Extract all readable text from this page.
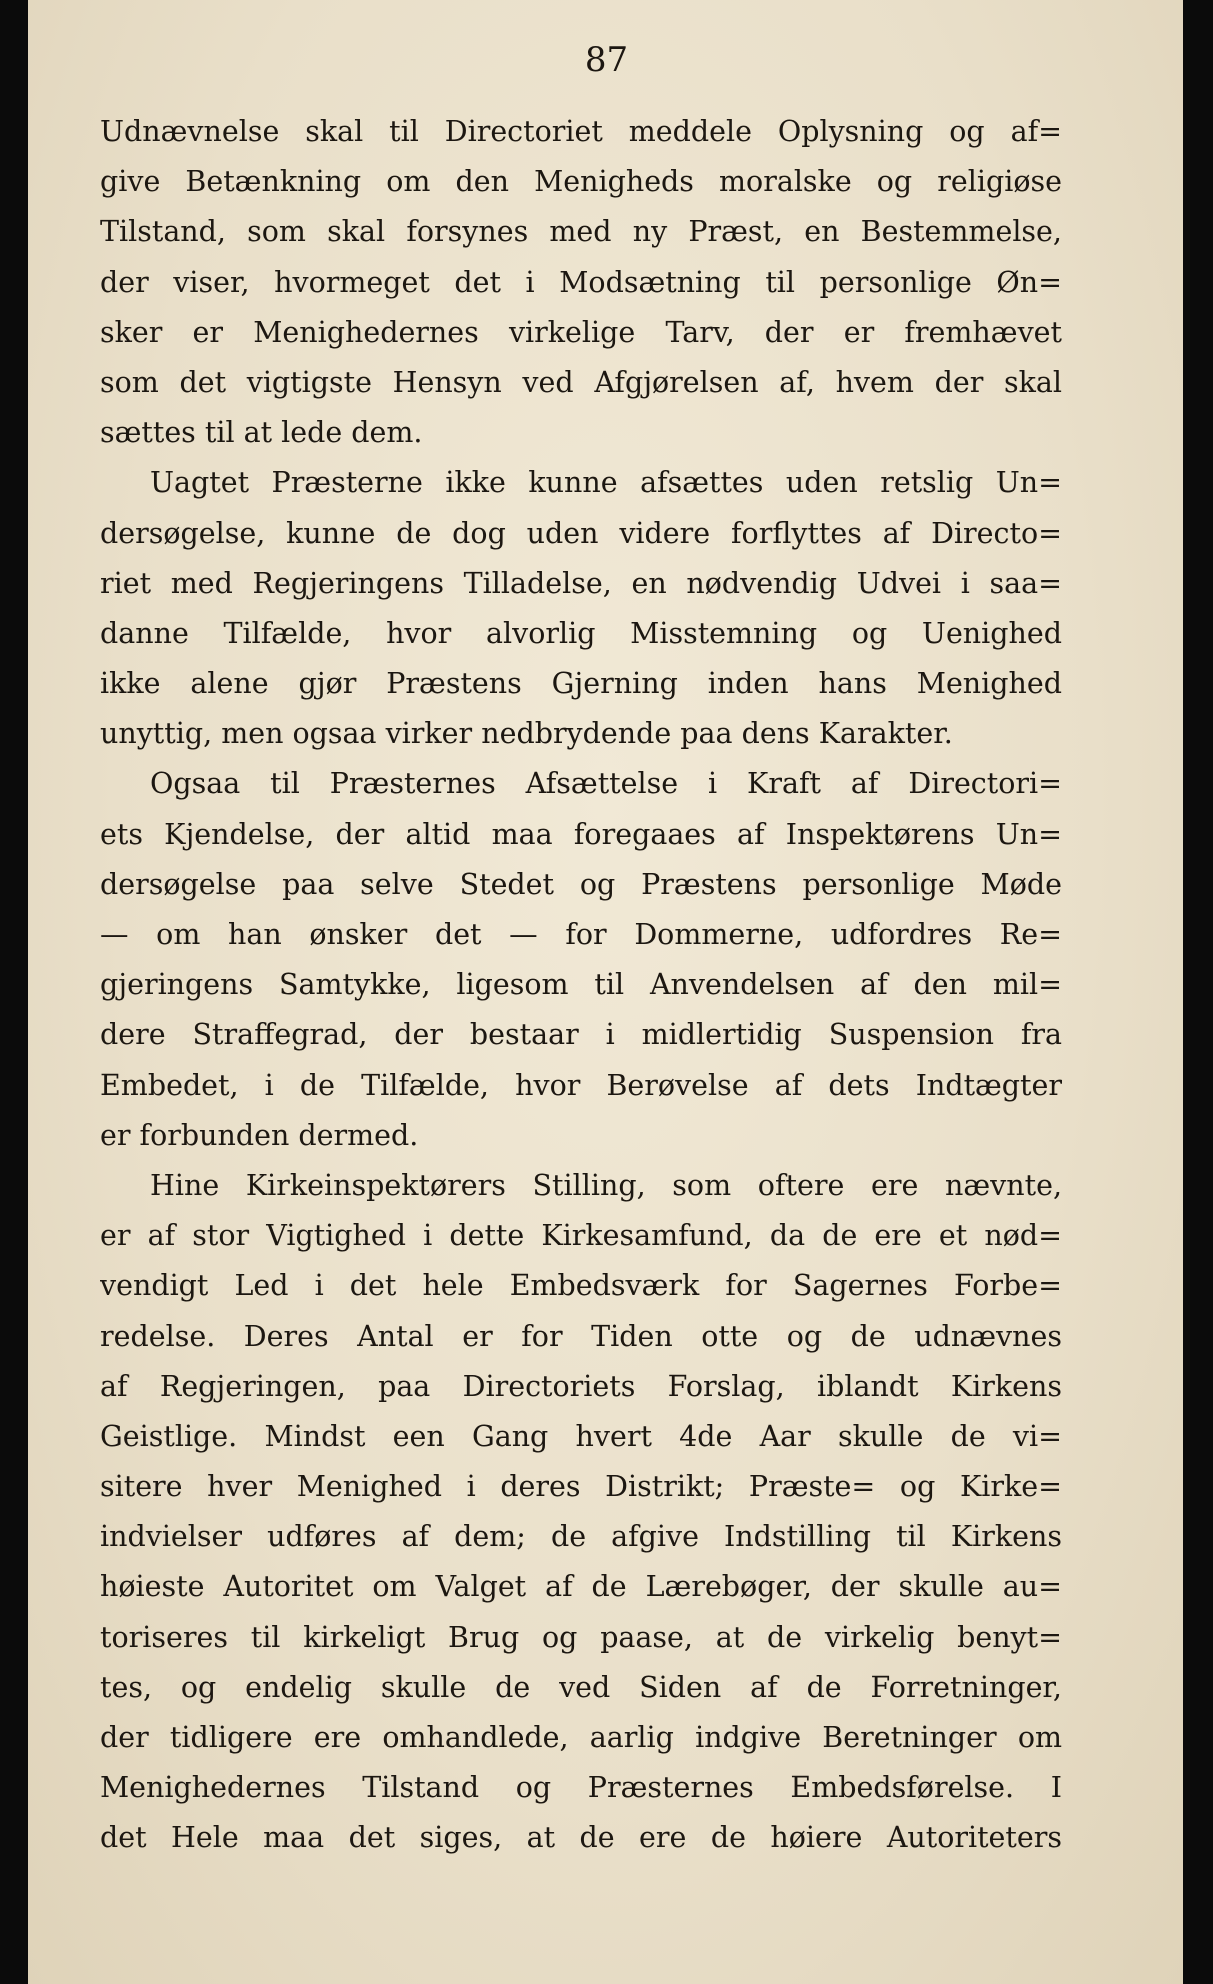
87
Udnævnelse skal til Directoriet meddele Oplysning og af=
give Betænkning om den Menigheds moralske og religiøse
Tilstand, som skal forsynes med ny Præst, en Bestemmelse,
der viser, hvormeget det i Modsætning til personlige Øn=
sker er Menighedernes virkelige Tarv, der er fremhævet
som det vigtigste Hensyn ved Afgjørelsen af, hvem der skal
sættes til at lede dem.
Uagtet Præsterne ikke kunne afsættes uden retslig Un=
dersøgelse, kunne de dog uden videre forflyttes af Directo=
riet med Regjeringens Tilladelse, en nødvendig Udvei i saa=
danne Tilfælde, hvor alvorlig Misstemning og Uenighed
ikke alene gjør Præstens Gjerning inden hans Menighed
unyttig, men ogsaa virker nedbrydende paa dens Karakter.
Ogsaa til Præsternes Afsættelse i Kraft af Directori=
ets Kjendelse, der altid maa foregaaes af Inspektørens Un=
dersøgelse paa selve Stedet og Præstens personlige Møde
— om han ønsker det — for Dommerne, udfordres Re=
gjeringens Samtykke, ligesom til Anvendelsen af den mil=
dere Straffegrad, der bestaar i midlertidig Suspension fra
Embedet, i de Tilfælde, hvor Berøvelse af dets Indtægter
er forbunden dermed.
Hine Kirkeinspektørers Stilling, som oftere ere nævnte,
er af stor Vigtighed i dette Kirkesamfund, da de ere et nød=
vendigt Led i det hele Embedsværk for Sagernes Forbe=
redelse. Deres Antal er for Tiden otte og de udnævnes
af Regjeringen, paa Directoriets Forslag, iblandt Kirkens
Geistlige. Mindst een Gang hvert 4de Aar skulle de vi=
sitere hver Menighed i deres Distrikt; Præste= og Kirke=
indvielser udføres af dem; de afgive Indstilling til Kirkens
høieste Autoritet om Valget af de Lærebøger, der skulle au=
toriseres til kirkeligt Brug og paase, at de virkelig benyt=
tes, og endelig skulle de ved Siden af de Forretninger,
der tidligere ere omhandlede, aarlig indgive Beretninger om
Menighedernes Tilstand og Præsternes Embedsførelse. I
det Hele maa det siges, at de ere de høiere Autoriteters
